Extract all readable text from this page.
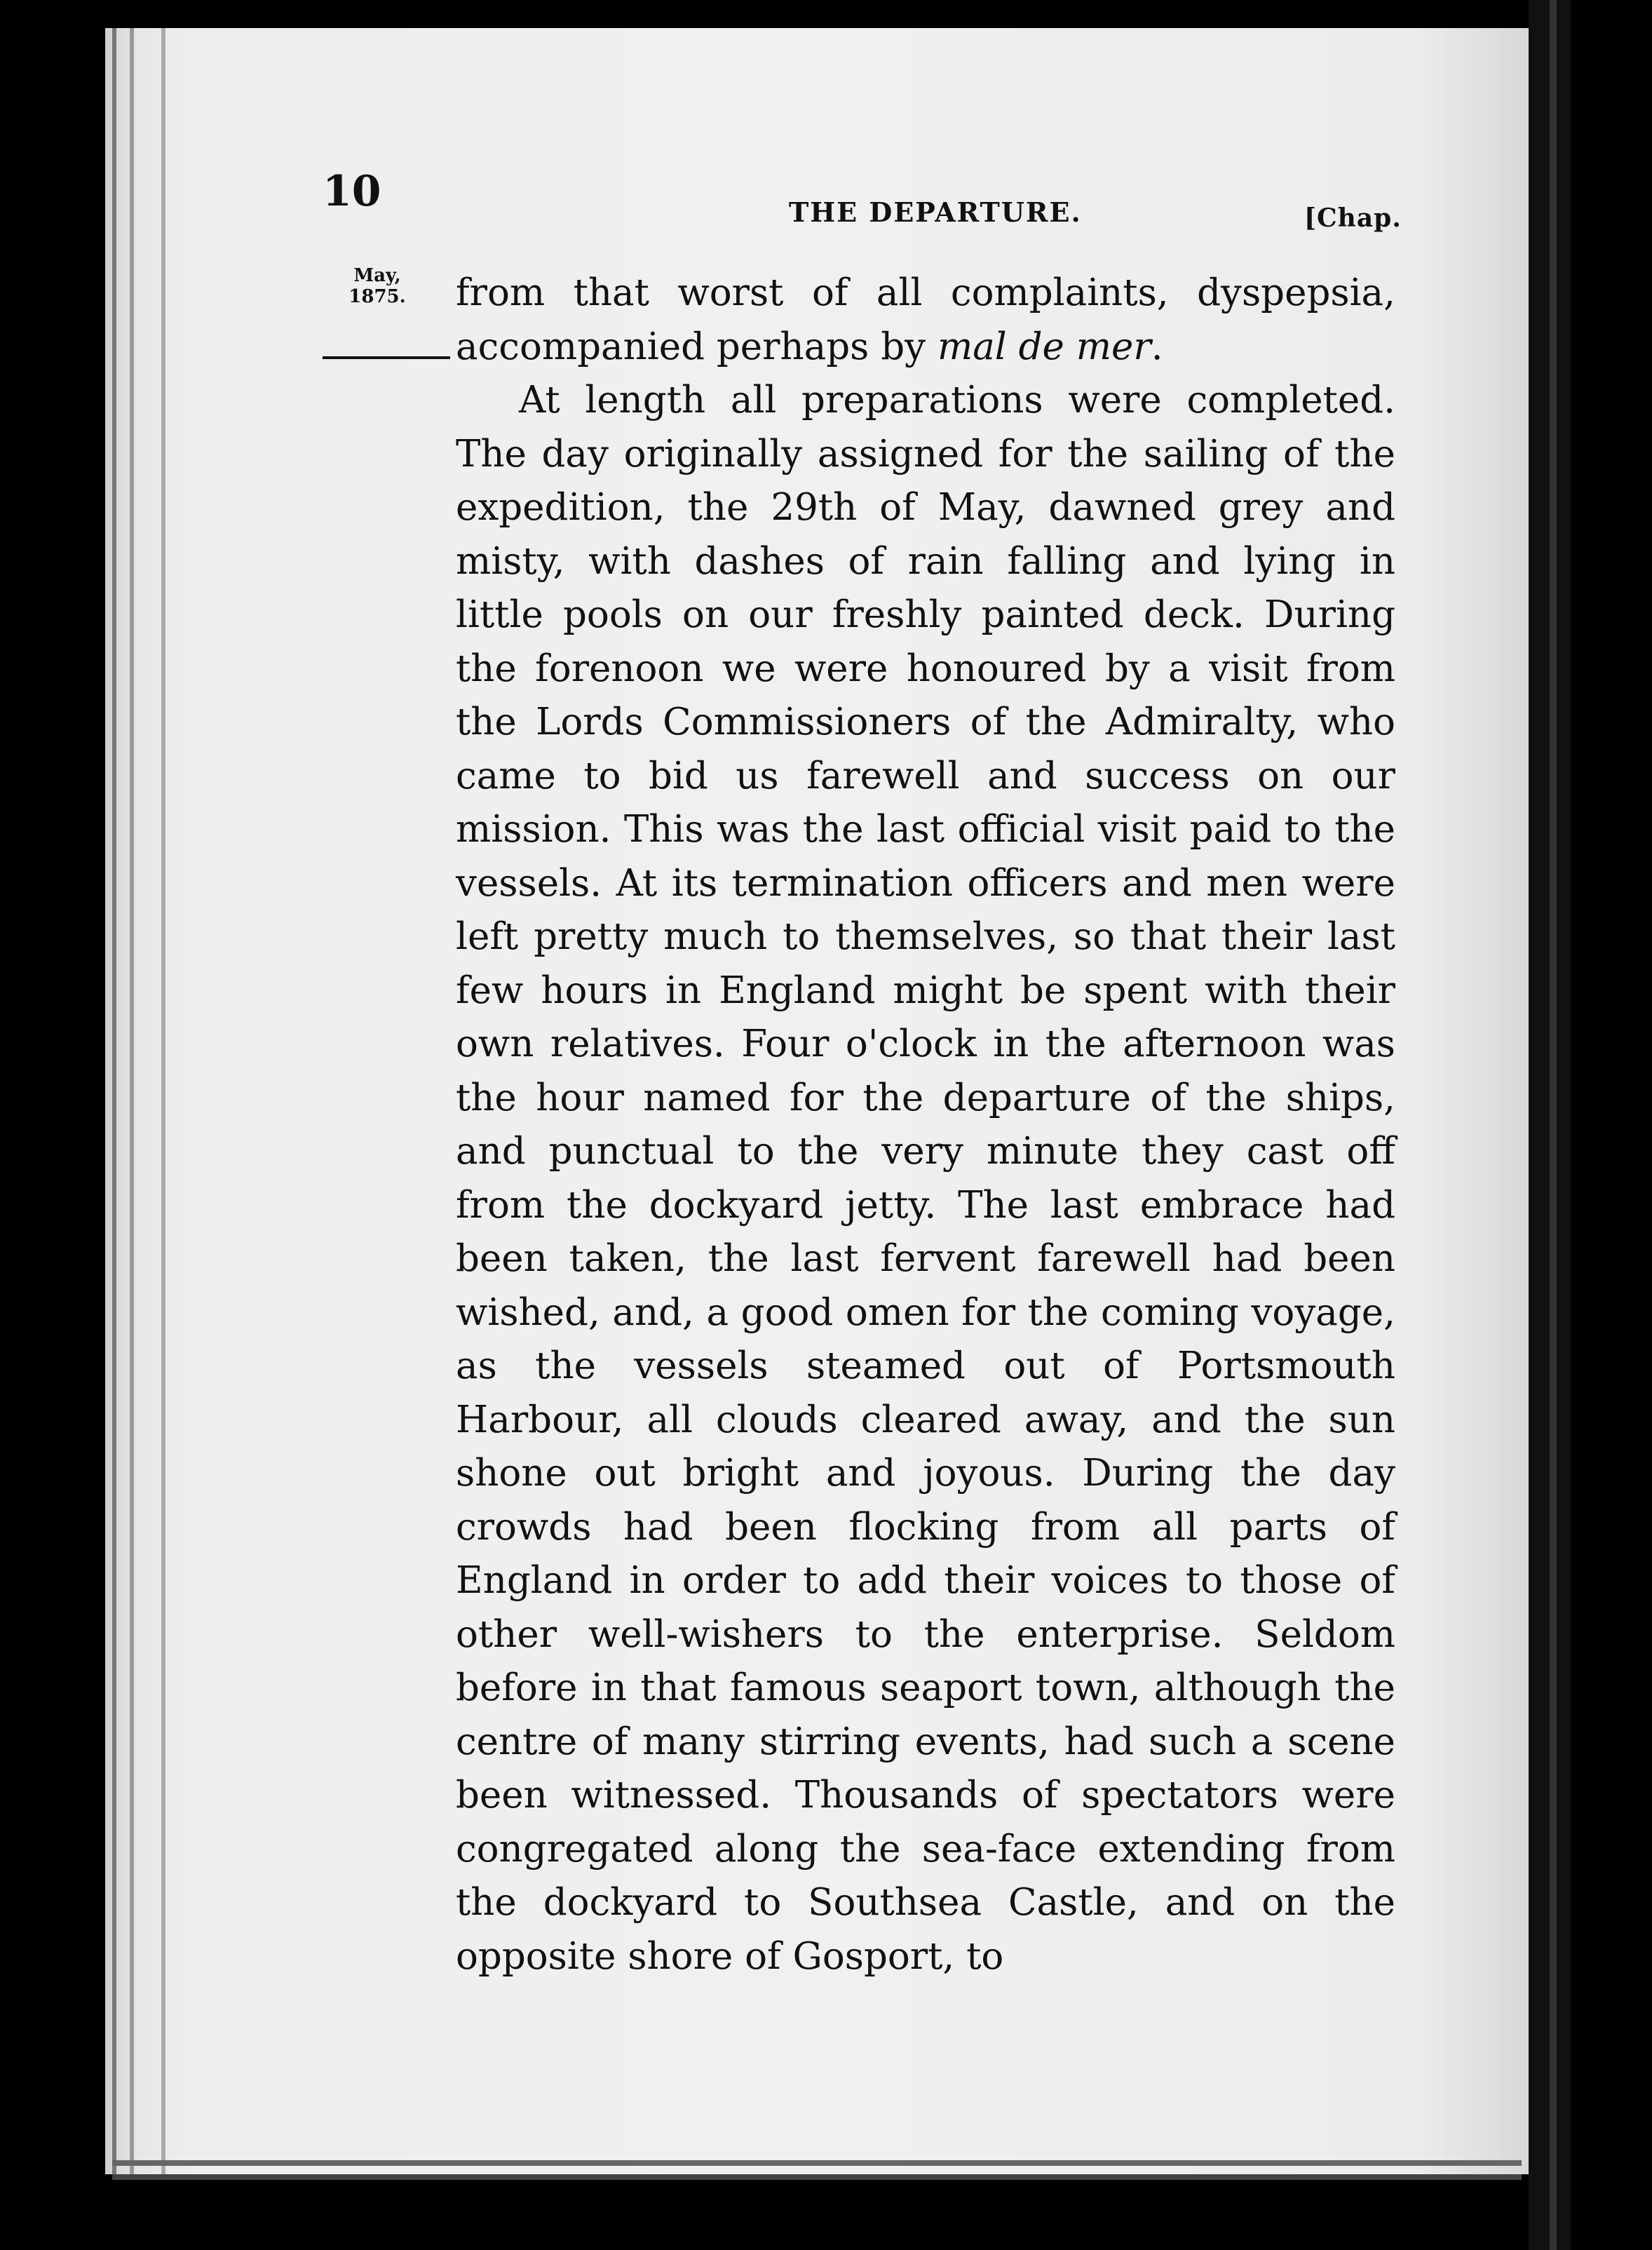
10	THE DEPARTURE.	[Chap.
May,
1875.	from that worst of all complaints, dyspepsia, accompanied perhaps by mal de mer.

At length all preparations were completed. The day originally assigned for the sailing of the expedition, the 29th of May, dawned grey and misty, with dashes of rain falling and lying in little pools on our freshly painted deck. During the forenoon we were honoured by a visit from the Lords Commissioners of the Admiralty, who came to bid us farewell and success on our mission. This was the last official visit paid to the vessels. At its termination officers and men were left pretty much to themselves, so that their last few hours in England might be spent with their own relatives. Four o'clock in the afternoon was the hour named for the departure of the ships, and punctual to the very minute they cast off from the dockyard jetty. The last embrace had been taken, the last fervent farewell had been wished, and, a good omen for the coming voyage, as the vessels steamed out of Portsmouth Harbour, all clouds cleared away, and the sun shone out bright and joyous. During the day crowds had been flocking from all parts of England in order to add their voices to those of other well-wishers to the enterprise. Seldom before in that famous seaport town, although the centre of many stirring events, had such a scene been witnessed. Thousands of spectators were congregated along the sea-face extending from the dockyard to Southsea Castle, and on the opposite shore of Gosport, to
